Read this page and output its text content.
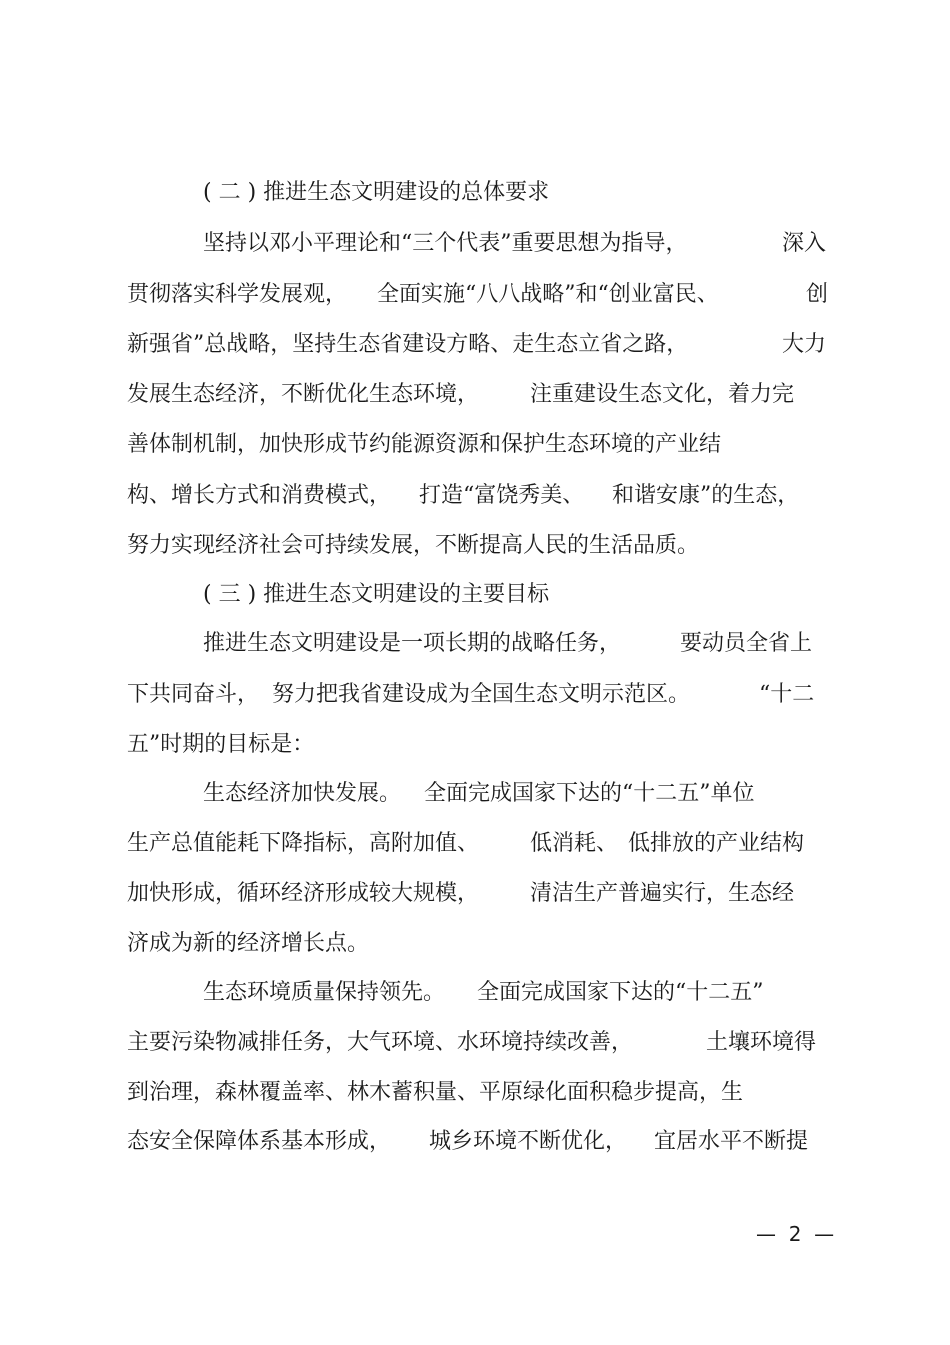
( 二 ) 推进生态文明建设的总体要求
坚持以邓小平理论和“三个代表”重要思想为指导，	深入
贯彻落实科学发展观， 全面实施“八八战略”和“创业富民、	创
新强省”总战略，坚持生态省建设方略、走生态立省之路，	大力
发展生态经济，不断优化生态环境， 注重建设生态文化，着力完
善体制机制，加快形成节约能源资源和保护生态环境的产业结
构、增长方式和消费模式， 打造“富饶秀美、 和谐安康”的生态，
努力实现经济社会可持续发展，不断提高人民的生活品质。
( 三 ) 推进生态文明建设的主要目标
推进生态文明建设是一项长期的战略任务，	要动员全省上
下共同奋斗， 努力把我省建设成为全国生态文明示范区。	“十二
五”时期的目标是：
生态经济加快发展。 全面完成国家下达的“十二五”单位
生产总值能耗下降指标，高附加值、 低消耗、 低排放的产业结构
加快形成，循环经济形成较大规模， 清洁生产普遍实行，生态经
济成为新的经济增长点。
生态环境质量保持领先。 全面完成国家下达的“十二五”
主要污染物减排任务，大气环境、水环境持续改善，	土壤环境得
到治理，森林覆盖率、林木蓄积量、平原绿化面积稳步提高，生
态安全保障体系基本形成， 城乡环境不断优化， 宜居水平不断提
—  2  —
